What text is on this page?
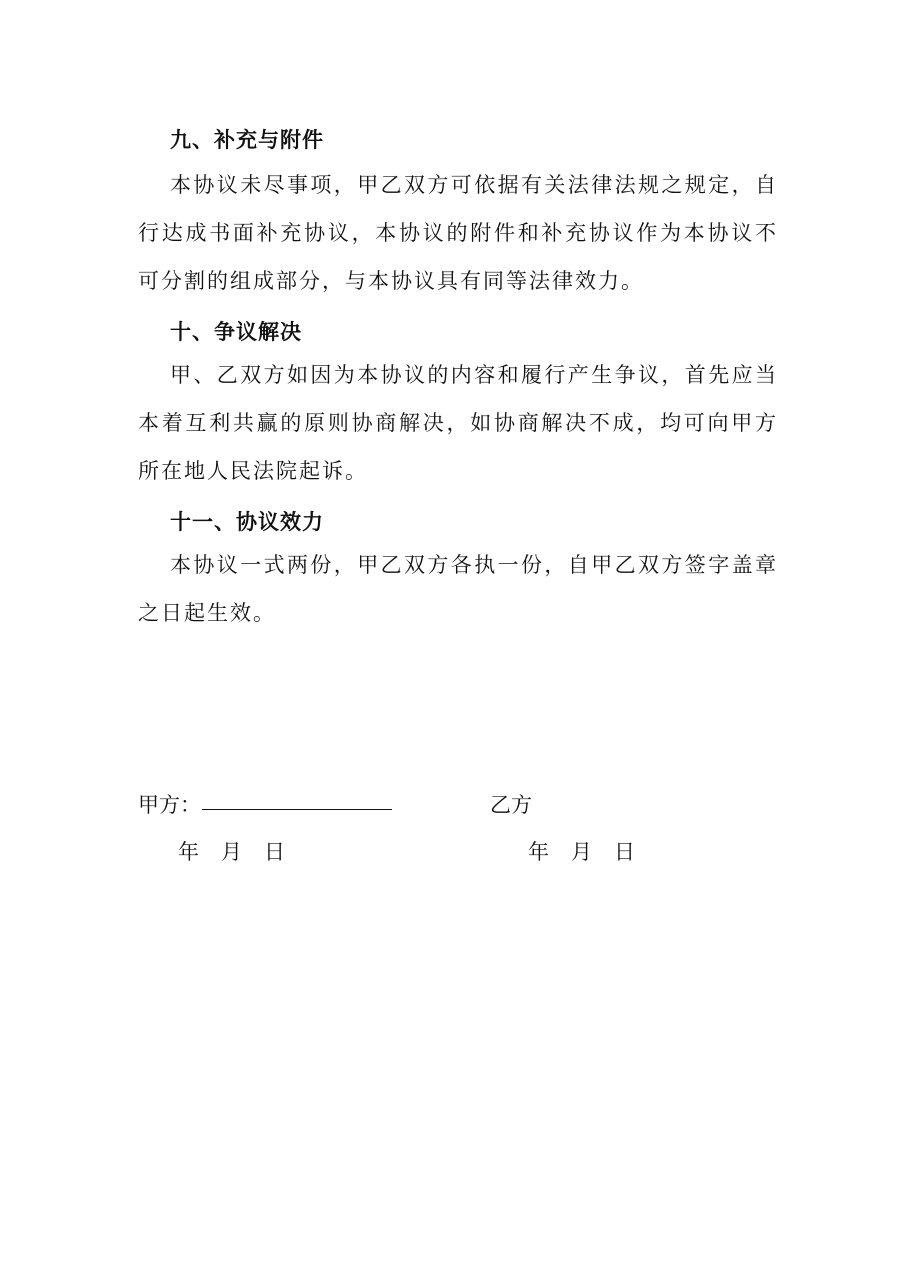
九、补充与附件
本协议未尽事项，甲乙双方可依据有关法律法规之规定，自行达成书面补充协议，本协议的附件和补充协议作为本协议不可分割的组成部分，与本协议具有同等法律效力。
十、争议解决
甲、乙双方如因为本协议的内容和履行产生争议，首先应当本着互利共赢的原则协商解决，如协商解决不成，均可向甲方所在地人民法院起诉。
十一、协议效力
本协议一式两份，甲乙双方各执一份，自甲乙双方签字盖章之日起生效。
甲方：	乙方
年 月 日	年 月 日
